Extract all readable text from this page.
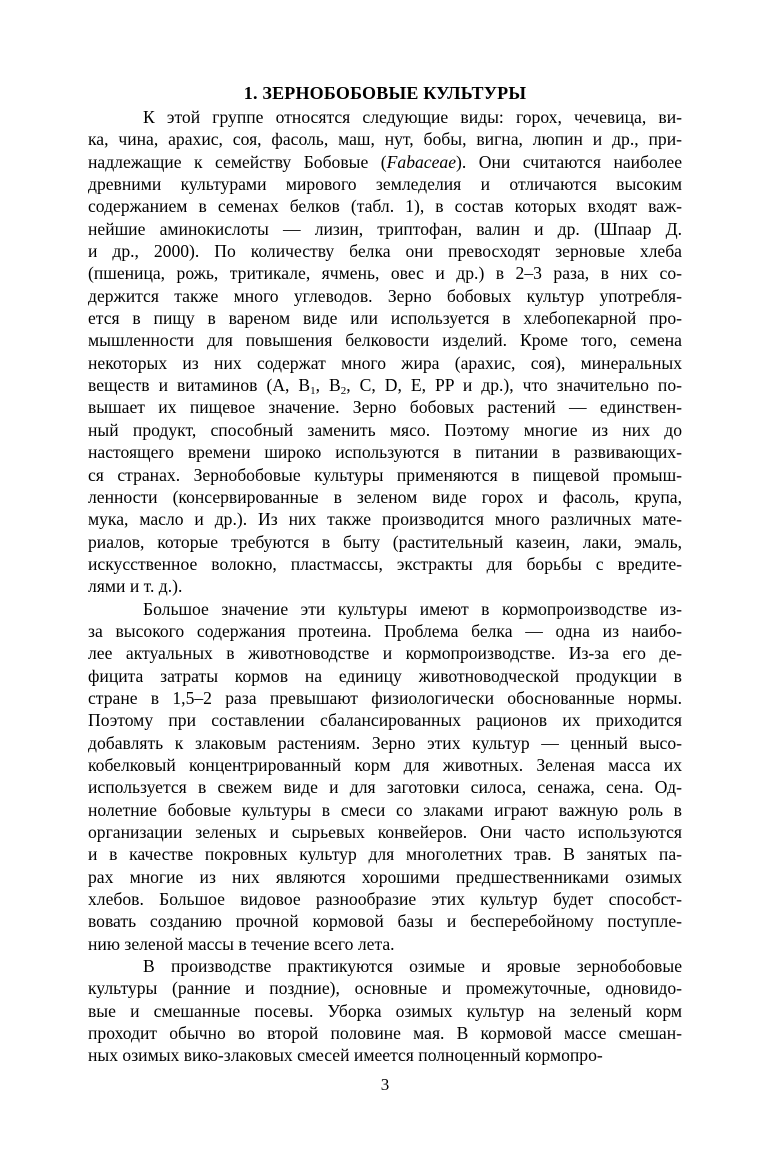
1. ЗЕРНОБОБОВЫЕ КУЛЬТУРЫ

К этой группе относятся следующие виды: горох, чечевица, ви-
ка, чина, арахис, соя, фасоль, маш, нут, бобы, вигна, люпин и др., при-
надлежащие к семейству Бобовые (Fabaceae). Они считаются наиболее
древними культурами мирового земледелия и отличаются высоким
содержанием в семенах белков (табл. 1), в состав которых входят важ-
нейшие аминокислоты — лизин, триптофан, валин и др. (Шпаар Д.
и др., 2000). По количеству белка они превосходят зерновые хлеба
(пшеница, рожь, тритикале, ячмень, овес и др.) в 2–3 раза, в них со-
держится также много углеводов. Зерно бобовых культур употребля-
ется в пищу в вареном виде или используется в хлебопекарной про-
мышленности для повышения белковости изделий. Кроме того, семена
некоторых из них содержат много жира (арахис, соя), минеральных
веществ и витаминов (A, $B_1$, $B_2$, C, D, E, PP и др.), что значительно по-
вышает их пищевое значение. Зерно бобовых растений — единствен-
ный продукт, способный заменить мясо. Поэтому многие из них до
настоящего времени широко используются в питании в развивающих-
ся странах. Зернобобовые культуры применяются в пищевой промыш-
ленности (консервированные в зеленом виде горох и фасоль, крупа,
мука, масло и др.). Из них также производится много различных мате-
риалов, которые требуются в быту (растительный казеин, лаки, эмаль,
искусственное волокно, пластмассы, экстракты для борьбы с вредите-
лями и т. д.).

Большое значение эти культуры имеют в кормопроизводстве из-
за высокого содержания протеина. Проблема белка — одна из наибо-
лее актуальных в животноводстве и кормопроизводстве. Из-за его де-
фицита затраты кормов на единицу животноводческой продукции в
стране в 1,5–2 раза превышают физиологически обоснованные нормы.
Поэтому при составлении сбалансированных рационов их приходится
добавлять к злаковым растениям. Зерно этих культур — ценный высо-
кобелковый концентрированный корм для животных. Зеленая масса их
используется в свежем виде и для заготовки силоса, сенажа, сена. Од-
нолетние бобовые культуры в смеси со злаками играют важную роль в
организации зеленых и сырьевых конвейеров. Они часто используются
и в качестве покровных культур для многолетних трав. В занятых па-
рах многие из них являются хорошими предшественниками озимых
хлебов. Большое видовое разнообразие этих культур будет способст-
вовать созданию прочной кормовой базы и бесперебойному поступле-
нию зеленой массы в течение всего лета.

В производстве практикуются озимые и яровые зернобобовые
культуры (ранние и поздние), основные и промежуточные, одновидо-
вые и смешанные посевы. Уборка озимых культур на зеленый корм
проходит обычно во второй половине мая. В кормовой массе смешан-
ных озимых вико-злаковых смесей имеется полноценный кормопро-

3
